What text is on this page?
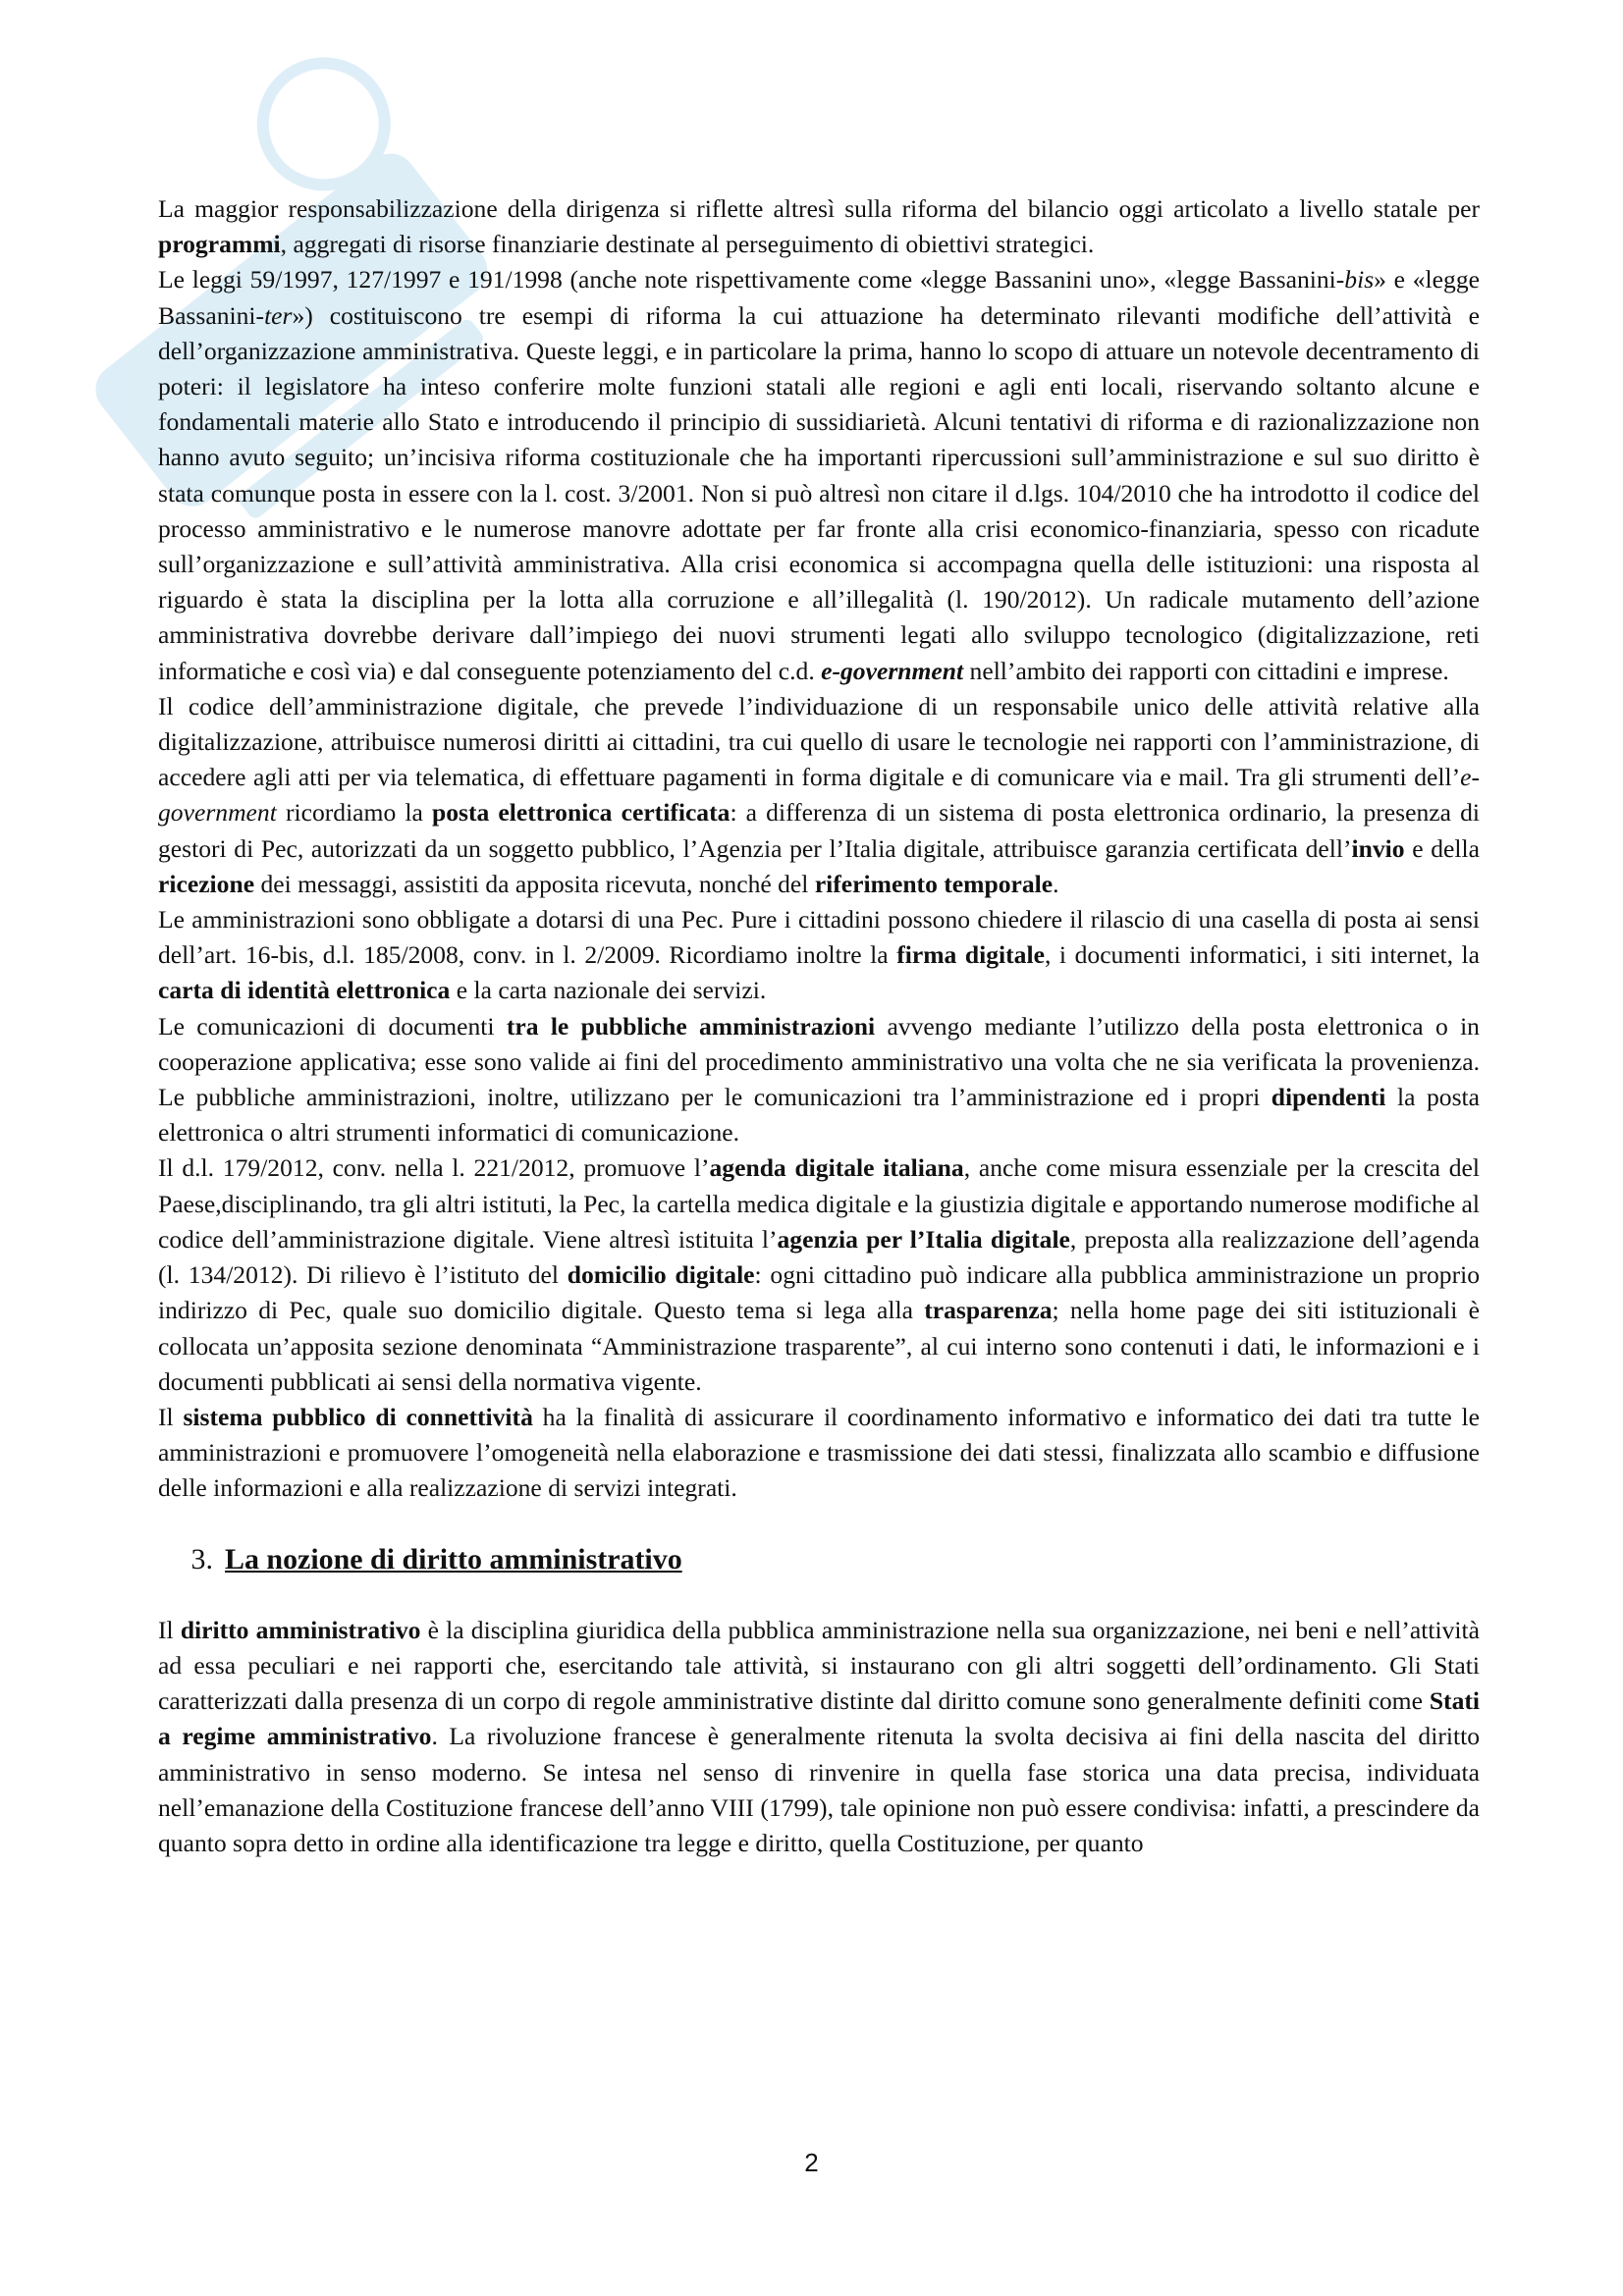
La maggior responsabilizzazione della dirigenza si riflette altresì sulla riforma del bilancio oggi articolato a livello statale per programmi, aggregati di risorse finanziarie destinate al perseguimento di obiettivi strategici.

Le leggi 59/1997, 127/1997 e 191/1998 (anche note rispettivamente come «legge Bassanini uno», «legge Bassanini-bis» e «legge Bassanini-ter») costituiscono tre esempi di riforma la cui attuazione ha determinato rilevanti modifiche dell’attività e dell’organizzazione amministrativa. Queste leggi, e in particolare la prima, hanno lo scopo di attuare un notevole decentramento di poteri: il legislatore ha inteso conferire molte funzioni statali alle regioni e agli enti locali, riservando soltanto alcune e fondamentali materie allo Stato e introducendo il principio di sussidiarietà. Alcuni tentativi di riforma e di razionalizzazione non hanno avuto seguito; un’incisiva riforma costituzionale che ha importanti ripercussioni sull’amministrazione e sul suo diritto è stata comunque posta in essere con la l. cost. 3/2001. Non si può altresì non citare il d.lgs. 104/2010 che ha introdotto il codice del processo amministrativo e le numerose manovre adottate per far fronte alla crisi economico-finanziaria, spesso con ricadute sull’organizzazione e sull’attività amministrativa. Alla crisi economica si accompagna quella delle istituzioni: una risposta al riguardo è stata la disciplina per la lotta alla corruzione e all’illegalità (l. 190/2012). Un radicale mutamento dell’azione amministrativa dovrebbe derivare dall’impiego dei nuovi strumenti legati allo sviluppo tecnologico (digitalizzazione, reti informatiche e così via) e dal conseguente potenziamento del c.d. e-government nell’ambito dei rapporti con cittadini e imprese.

Il codice dell’amministrazione digitale, che prevede l’individuazione di un responsabile unico delle attività relative alla digitalizzazione, attribuisce numerosi diritti ai cittadini, tra cui quello di usare le tecnologie nei rapporti con l’amministrazione, di accedere agli atti per via telematica, di effettuare pagamenti in forma digitale e di comunicare via e mail. Tra gli strumenti dell’e-government ricordiamo la posta elettronica certificata: a differenza di un sistema di posta elettronica ordinario, la presenza di gestori di Pec, autorizzati da un soggetto pubblico, l’Agenzia per l’Italia digitale, attribuisce garanzia certificata dell’invio e della ricezione dei messaggi, assistiti da apposita ricevuta, nonché del riferimento temporale.

Le amministrazioni sono obbligate a dotarsi di una Pec. Pure i cittadini possono chiedere il rilascio di una casella di posta ai sensi dell’art. 16-bis, d.l. 185/2008, conv. in l. 2/2009. Ricordiamo inoltre la firma digitale, i documenti informatici, i siti internet, la carta di identità elettronica e la carta nazionale dei servizi.

Le comunicazioni di documenti tra le pubbliche amministrazioni avvengo mediante l’utilizzo della posta elettronica o in cooperazione applicativa; esse sono valide ai fini del procedimento amministrativo una volta che ne sia verificata la provenienza. Le pubbliche amministrazioni, inoltre, utilizzano per le comunicazioni tra l’amministrazione ed i propri dipendenti la posta elettronica o altri strumenti informatici di comunicazione.

Il d.l. 179/2012, conv. nella l. 221/2012, promuove l’agenda digitale italiana, anche come misura essenziale per la crescita del Paese,disciplinando, tra gli altri istituti, la Pec, la cartella medica digitale e la giustizia digitale e apportando numerose modifiche al codice dell’amministrazione digitale. Viene altresì istituita l’agenzia per l’Italia digitale, preposta alla realizzazione dell’agenda (l. 134/2012). Di rilievo è l’istituto del domicilio digitale: ogni cittadino può indicare alla pubblica amministrazione un proprio indirizzo di Pec, quale suo domicilio digitale. Questo tema si lega alla trasparenza; nella home page dei siti istituzionali è collocata un’apposita sezione denominata “Amministrazione trasparente”, al cui interno sono contenuti i dati, le informazioni e i documenti pubblicati ai sensi della normativa vigente.

Il sistema pubblico di connettività ha la finalità di assicurare il coordinamento informativo e informatico dei dati tra tutte le amministrazioni e promuovere l’omogeneità nella elaborazione e trasmissione dei dati stessi, finalizzata allo scambio e diffusione delle informazioni e alla realizzazione di servizi integrati.

3. La nozione di diritto amministrativo

Il diritto amministrativo è la disciplina giuridica della pubblica amministrazione nella sua organizzazione, nei beni e nell’attività ad essa peculiari e nei rapporti che, esercitando tale attività, si instaurano con gli altri soggetti dell’ordinamento. Gli Stati caratterizzati dalla presenza di un corpo di regole amministrative distinte dal diritto comune sono generalmente definiti come Stati a regime amministrativo. La rivoluzione francese è generalmente ritenuta la svolta decisiva ai fini della nascita del diritto amministrativo in senso moderno. Se intesa nel senso di rinvenire in quella fase storica una data precisa, individuata nell’emanazione della Costituzione francese dell’anno VIII (1799), tale opinione non può essere condivisa: infatti, a prescindere da quanto sopra detto in ordine alla identificazione tra legge e diritto, quella Costituzione, per quanto

2
